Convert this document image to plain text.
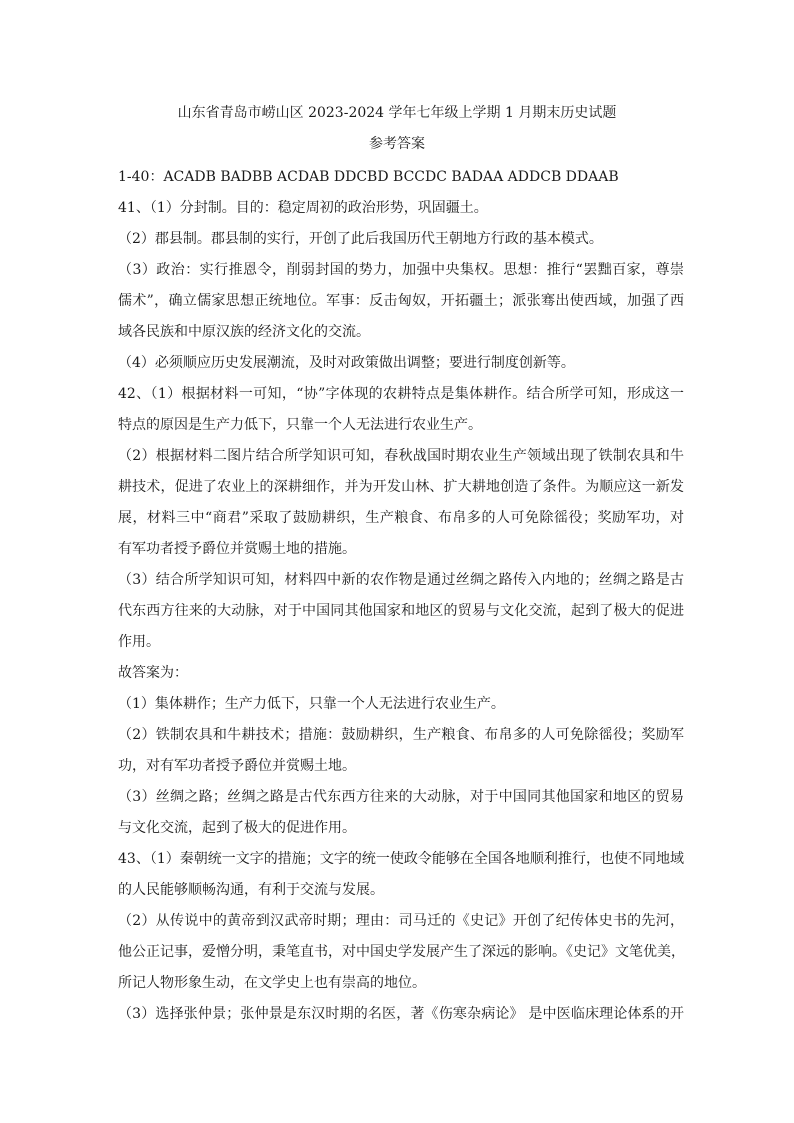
山东省青岛市崂山区 2023-2024 学年七年级上学期 1 月期末历史试题
参考答案
1-40：ACADB BADBB ACDAB DDCBD BCCDC BADAA ADDCB DDAAB
41、（1）分封制。目的：稳定周初的政治形势，巩固疆土。
（2）郡县制。郡县制的实行，开创了此后我国历代王朝地方行政的基本模式。
（3）政治：实行推恩令，削弱封国的势力，加强中央集权。思想：推行“罢黜百家，尊崇
儒术”，确立儒家思想正统地位。军事：反击匈奴，开拓疆土；派张骞出使西域，加强了西
域各民族和中原汉族的经济文化的交流。
（4）必须顺应历史发展潮流，及时对政策做出调整；要进行制度创新等。
42、（1）根据材料一可知，“协”字体现的农耕特点是集体耕作。结合所学可知，形成这一
特点的原因是生产力低下，只靠一个人无法进行农业生产。
（2）根据材料二图片结合所学知识可知，春秋战国时期农业生产领域出现了铁制农具和牛
耕技术，促进了农业上的深耕细作，并为开发山林、扩大耕地创造了条件。为顺应这一新发
展，材料三中“商君”采取了鼓励耕织，生产粮食、布帛多的人可免除徭役；奖励军功，对
有军功者授予爵位并赏赐土地的措施。
（3）结合所学知识可知，材料四中新的农作物是通过丝绸之路传入内地的；丝绸之路是古
代东西方往来的大动脉，对于中国同其他国家和地区的贸易与文化交流，起到了极大的促进
作用。
故答案为：
（1）集体耕作；生产力低下，只靠一个人无法进行农业生产。
（2）铁制农具和牛耕技术；措施：鼓励耕织，生产粮食、布帛多的人可免除徭役；奖励军
功，对有军功者授予爵位并赏赐土地。
（3）丝绸之路；丝绸之路是古代东西方往来的大动脉，对于中国同其他国家和地区的贸易
与文化交流，起到了极大的促进作用。
43、（1）秦朝统一文字的措施；文字的统一使政令能够在全国各地顺利推行，也使不同地域
的人民能够顺畅沟通，有利于交流与发展。
（2）从传说中的黄帝到汉武帝时期；理由：司马迁的《史记》开创了纪传体史书的先河，
他公正记事，爱憎分明，秉笔直书，对中国史学发展产生了深远的影响。《史记》文笔优美，
所记人物形象生动，在文学史上也有崇高的地位。
（3）选择张仲景；张仲景是东汉时期的名医，著《伤寒杂病论》 是中医临床理论体系的开
